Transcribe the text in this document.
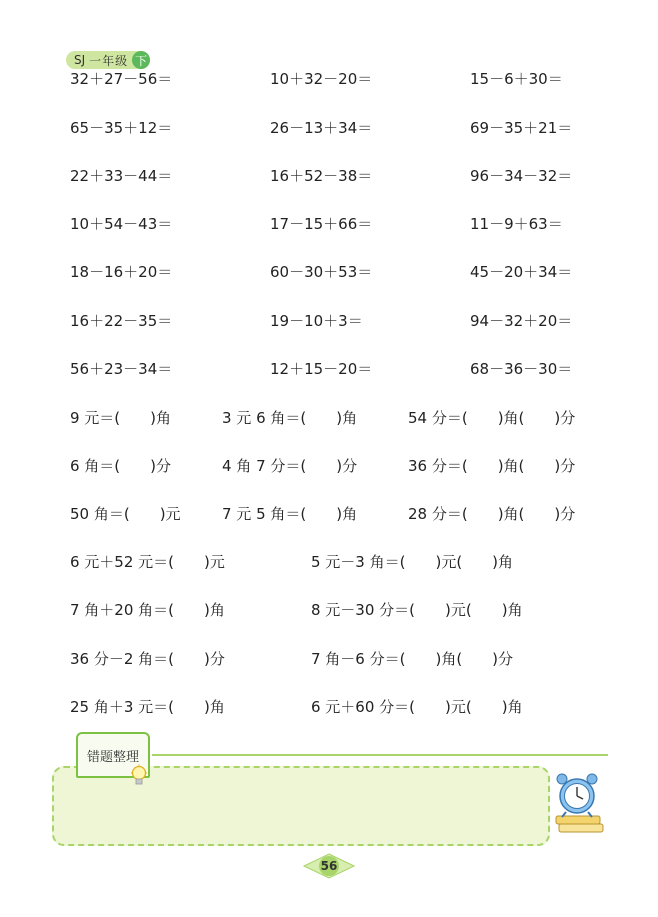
SJ 一年级 下
32＋27－56＝	10＋32－20＝	15－6＋30＝
65－35＋12＝	26－13＋34＝	69－35＋21＝
22＋33－44＝	16＋52－38＝	96－34－32＝
10＋54－43＝	17－15＋66＝	11－9＋63＝
18－16＋20＝	60－30＋53＝	45－20＋34＝
16＋22－35＝	19－10＋3＝	94－32＋20＝
56＋23－34＝	12＋15－20＝	68－36－30＝
9 元＝(　　)角	3 元 6 角＝(　　)角	54 分＝(　　)角(　　)分
6 角＝(　　)分	4 角 7 分＝(　　)分	36 分＝(　　)角(　　)分
50 角＝(　　)元	7 元 5 角＝(　　)角	28 分＝(　　)角(　　)分
6 元＋52 元＝(　　)元	5 元－3 角＝(　　)元(　　)角
7 角＋20 角＝(　　)角	8 元－30 分＝(　　)元(　　)角
36 分－2 角＝(　　)分	7 角－6 分＝(　　)角(　　)分
25 角＋3 元＝(　　)角	6 元＋60 分＝(　　)元(　　)角
错题整理
56
